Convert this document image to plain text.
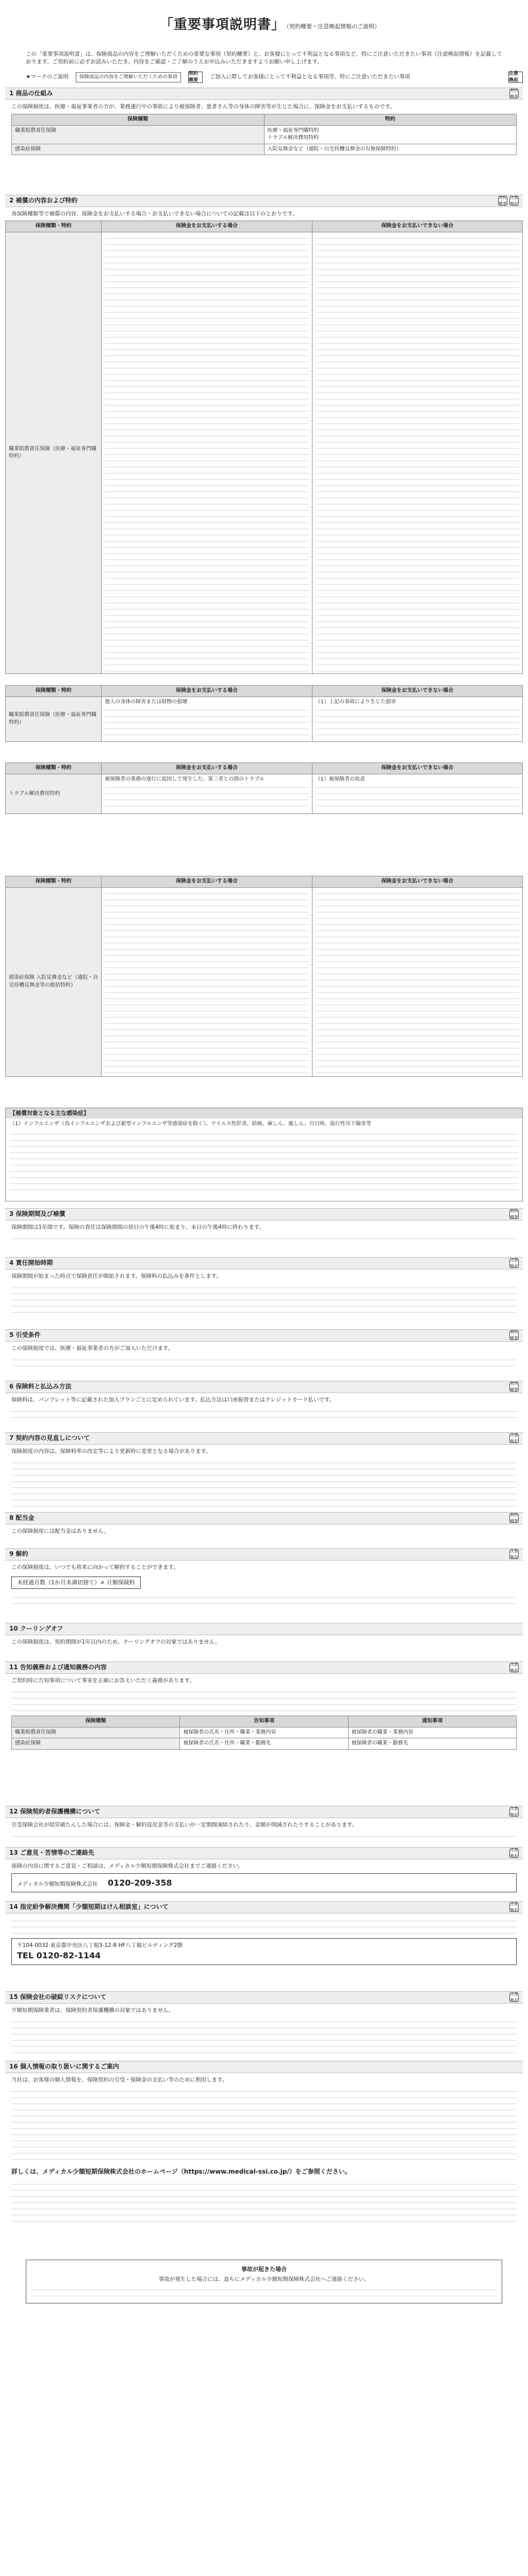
「重要事項説明書」
（契約概要・注意喚起情報のご説明）
この「重要事項説明書」は、保険商品の内容をご理解いただくための重要な事項（契約概要）と、お客様にとって不利益となる事項など、特にご注意いただきたい事項（注意喚起情報）を記載しております。ご契約前に必ずお読みいただき、内容をご確認・ご了解のうえお申込みいただきますようお願い申し上げます。
★マークのご説明	保険商品の内容をご理解いただくための事項
契約概要
ご加入に際してお客様にとって不利益となる事項等、特にご注意いただきたい事項
注意喚起
1 商品の仕組み	契約概要
この保険制度は、医療・福祉事業者の方が、業務遂行中の事故により被保険者、患者さん等の身体の障害等が生じた場合に、保険金をお支払いするものです。
保険種類	特約
職業賠償責任保険	医療・福祉専門職特約
トラブル解決費用特約
感染症保険	入院見舞金など（通院・自宅待機見舞金の有無保険特約）
2 補償の内容および特約	契約概要
注意喚起
各保険種類等で補償の内容、保険金をお支払いする場合・お支払いできない場合についての記載は以下のとおりです。
保険種類・特約	保険金をお支払いする場合	保険金をお支払いできない場合
職業賠償責任保険（医療・福祉専門職特約）	

保険種類・特約	保険金をお支払いする場合	保険金をお支払いできない場合
職業賠償責任保険（医療・福祉専門職特約）	他人の身体の障害または財物の損壊	（1）上記の事故により生じた損害
保険種類・特約	保険金をお支払いする場合	保険金をお支払いできない場合
トラブル解決費用特約	被保険者の業務の遂行に起因して発生した、第三者との間のトラブル	（1）被保険者の故意
保険種類・特約	保険金をお支払いする場合	保険金をお支払いできない場合
感染症保険 入院見舞金など（通院・自宅待機見舞金等の総括特約）	

【補償対象となる主な感染症】
（1）インフルエンザ（鳥インフルエンザおよび新型インフルエンザ等感染症を除く）、ウイルス性肝炎、結核、麻しん、風しん、百日咳、流行性耳下腺炎等
3 保険期間及び補償	契約概要
保険期間は1年間です。保険の責任は保険期間の初日の午後4時に始まり、末日の午後4時に終わります。
4 責任開始時期	注意喚起
保険期間が始まった時点で保険責任が開始されます。保険料の払込みを条件とします。
5 引受条件	契約概要
この保険制度では、医療・福祉事業者の方がご加入いただけます。
6 保険料と払込み方法	契約概要
保険料は、パンフレット等に記載された加入プランごとに定められています。払込方法は口座振替またはクレジットカード払いです。
7 契約内容の見直しについて	注意喚起
保険制度の内容は、保険料率の改定等により更新時に変更となる場合があります。
8 配当金	契約概要
この保険制度には配当金はありません。
9 解約	注意喚起
この保険制度は、いつでも将来に向かって解約することができます。
未経過月数（1か月未満切捨て）× 月額保険料
10 クーリングオフ
この保険制度は、契約期間が1年以内のため、クーリングオフの対象ではありません。
11 告知義務および通知義務の内容	注意喚起
ご契約時に告知事項について事実を正確にお答えいただく義務があります。
保険種類	告知事項	通知事項
職業賠償責任保険	被保険者の氏名・住所・職業・業務内容	被保険者の職業・業務内容
感染症保険	被保険者の氏名・住所・職業・勤務先	被保険者の職業・勤務先
12 保険契約者保護機構について	注意喚起
引受保険会社が経営破たんした場合には、保険金・解約返戻金等の支払いが一定期間凍結されたり、金額が削減されたりすることがあります。
13 ご意見・苦情等のご連絡先	注意喚起
保険の内容に関するご意見・ご相談は、メディカル少額短期保険株式会社までご連絡ください。
メディカル少額短期保険株式会社 0120-209-358
14 指定紛争解決機関「少額短期ほけん相談室」について	注意喚起
〒104-0032 東京都中央区八丁堀3-12-8 HF八丁堀ビルディング2階
TEL 0120-82-1144
15 保険会社の破綻リスクについて	注意喚起
少額短期保険業者は、保険契約者保護機構の対象ではありません。
16 個人情報の取り扱いに関するご案内
当社は、お客様の個人情報を、保険契約の引受・保険金の支払い等のために利用します。
詳しくは、メディカル少額短期保険株式会社のホームページ（https://www.medical-ssi.co.jp/）をご参照ください。
事故が起きた場合
事故が発生した場合には、直ちにメディカル少額短期保険株式会社へご連絡ください。
